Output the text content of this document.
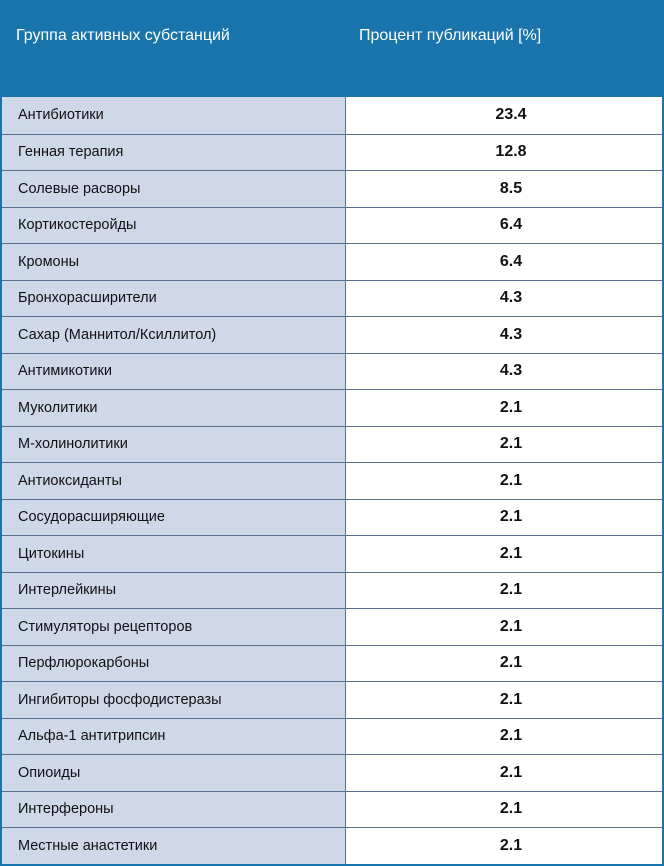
Группа активных субстанций	Процент публикаций [%]
Антибиотики	23.4
Генная терапия	12.8
Солевые расворы	8.5
Кортикостеройды	6.4
Кромоны	6.4
Бронхорасширители	4.3
Сахар (Маннитол/Ксиллитол)	4.3
Антимикотики	4.3
Муколитики	2.1
М-холинолитики	2.1
Антиоксиданты	2.1
Сосудорасширяющие	2.1
Цитокины	2.1
Интерлейкины	2.1
Стимуляторы рецепторов	2.1
Перфлюрокарбоны	2.1
Ингибиторы фосфодистеразы	2.1
Альфа-1 антитрипсин	2.1
Опиоиды	2.1
Интерфероны	2.1
Местные анастетики	2.1
